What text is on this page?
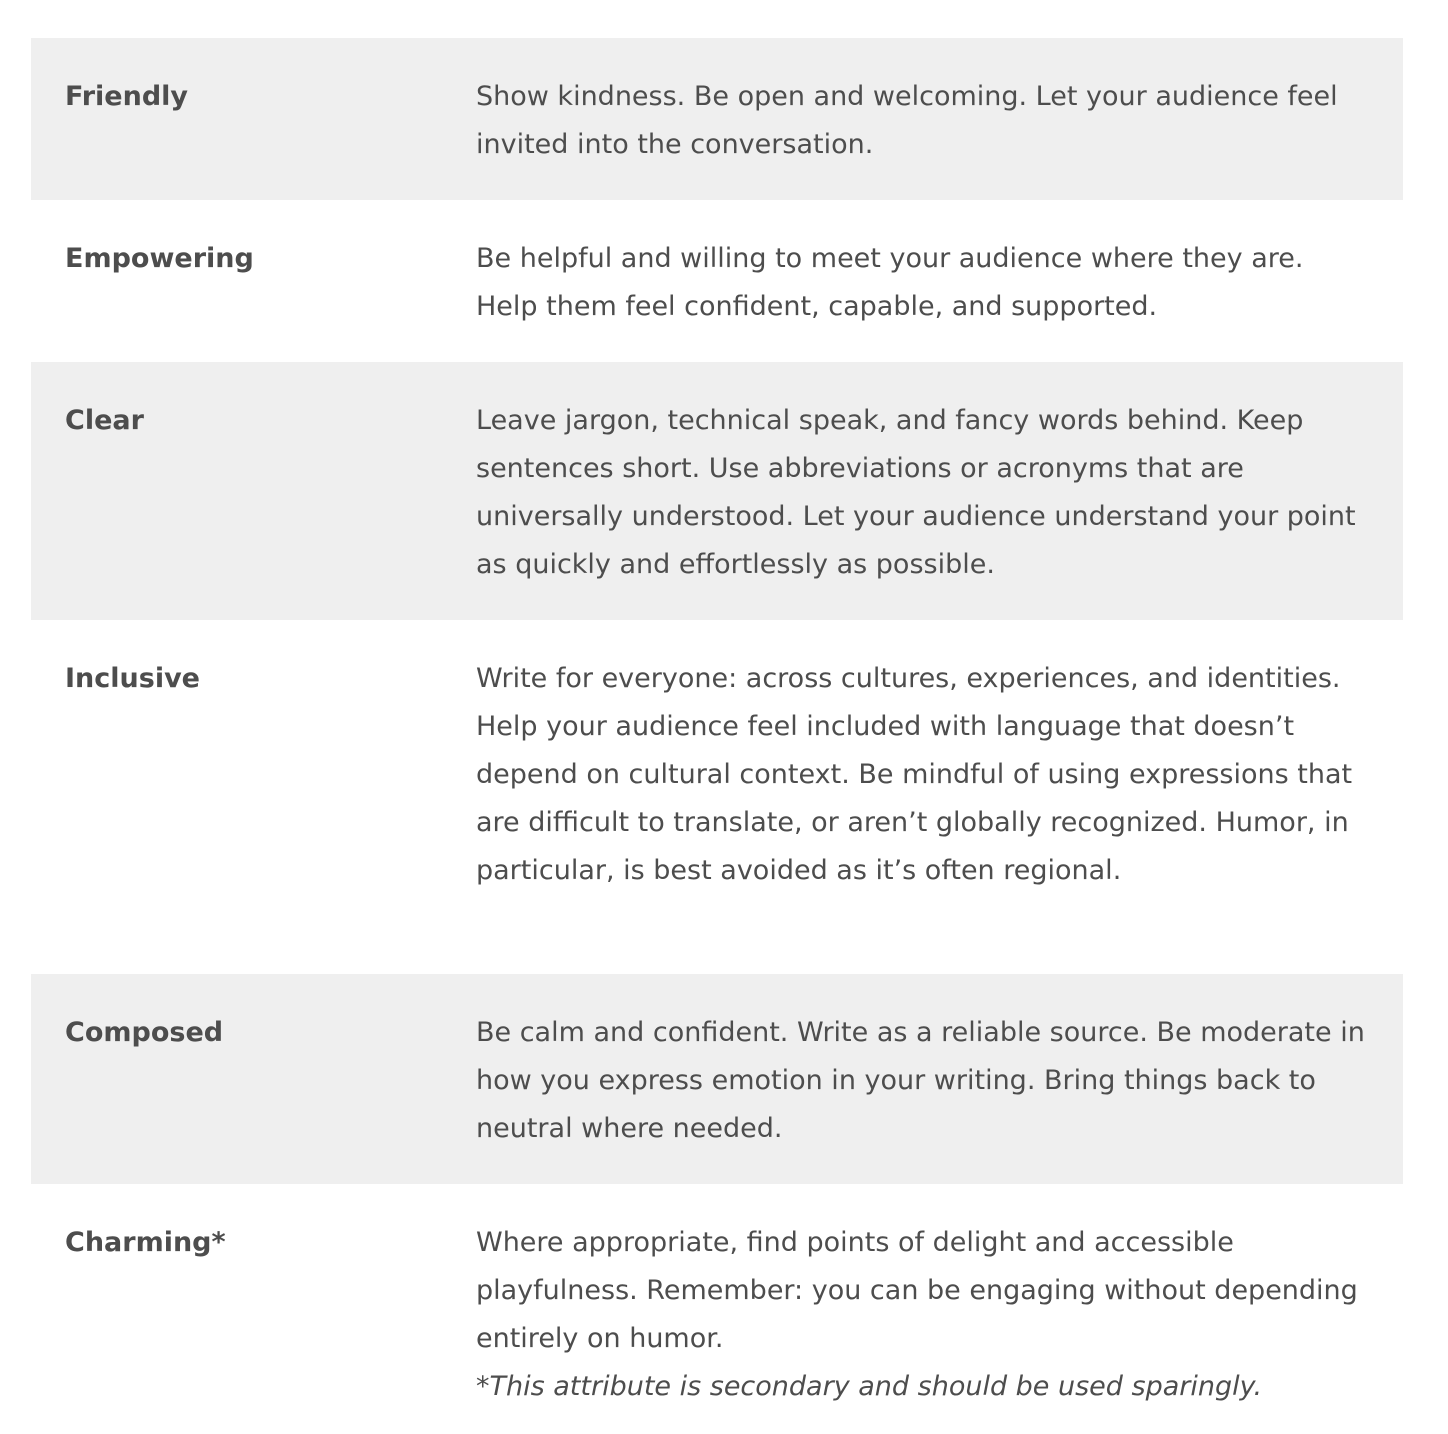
Friendly	Show kindness. Be open and welcoming. Let your audience feel invited into the conversation.

Empowering	Be helpful and willing to meet your audience where they are. Help them feel confident, capable, and supported.

Clear	Leave jargon, technical speak, and fancy words behind. Keep sentences short. Use abbreviations or acronyms that are universally understood. Let your audience understand your point as quickly and effortlessly as possible.

Inclusive	Write for everyone: across cultures, experiences, and identities. Help your audience feel included with language that doesn’t depend on cultural context. Be mindful of using expressions that are difficult to translate, or aren’t globally recognized. Humor, in particular, is best avoided as it’s often regional.

Composed	Be calm and confident. Write as a reliable source. Be moderate in how you express emotion in your writing. Bring things back to neutral where needed.

Charming*	Where appropriate, find points of delight and accessible playfulness. Remember: you can be engaging without depending entirely on humor.

*This attribute is secondary and should be used sparingly.
